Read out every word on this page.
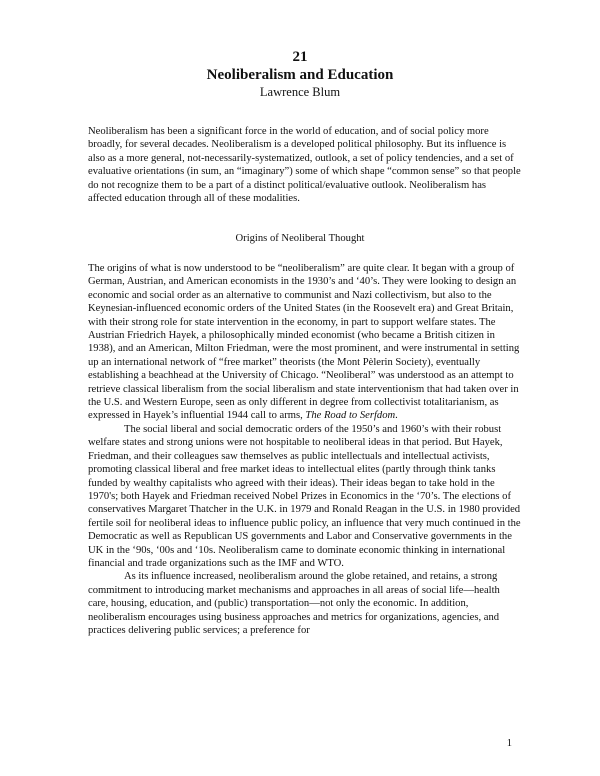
21
Neoliberalism and Education
Lawrence Blum

Neoliberalism has been a significant force in the world of education, and of social policy more broadly, for several decades. Neoliberalism is a developed political philosophy. But its influence is also as a more general, not-necessarily-systematized, outlook, a set of policy tendencies, and a set of evaluative orientations (in sum, an “imaginary”) some of which shape “common sense” so that people do not recognize them to be a part of a distinct political/evaluative outlook. Neoliberalism has affected education through all of these modalities.

Origins of Neoliberal Thought

The origins of what is now understood to be “neoliberalism” are quite clear. It began with a group of German, Austrian, and American economists in the 1930’s and ‘40’s. They were looking to design an economic and social order as an alternative to communist and Nazi collectivism, but also to the Keynesian-influenced economic orders of the United States (in the Roosevelt era) and Great Britain, with their strong role for state intervention in the economy, in part to support welfare states. The Austrian Friedrich Hayek, a philosophically minded economist (who became a British citizen in 1938), and an American, Milton Friedman, were the most prominent, and were instrumental in setting up an international network of “free market” theorists (the Mont Pèlerin Society), eventually establishing a beachhead at the University of Chicago. “Neoliberal” was understood as an attempt to retrieve classical liberalism from the social liberalism and state interventionism that had taken over in the U.S. and Western Europe, seen as only different in degree from collectivist totalitarianism, as expressed in Hayek’s influential 1944 call to arms, The Road to Serfdom.

The social liberal and social democratic orders of the 1950’s and 1960’s with their robust welfare states and strong unions were not hospitable to neoliberal ideas in that period. But Hayek, Friedman, and their colleagues saw themselves as public intellectuals and intellectual activists, promoting classical liberal and free market ideas to intellectual elites (partly through think tanks funded by wealthy capitalists who agreed with their ideas). Their ideas began to take hold in the 1970's; both Hayek and Friedman received Nobel Prizes in Economics in the ‘70’s. The elections of conservatives Margaret Thatcher in the U.K. in 1979 and Ronald Reagan in the U.S. in 1980 provided fertile soil for neoliberal ideas to influence public policy, an influence that very much continued in the Democratic as well as Republican US governments and Labor and Conservative governments in the UK in the ‘90s, ‘00s and ‘10s. Neoliberalism came to dominate economic thinking in international financial and trade organizations such as the IMF and WTO.

As its influence increased, neoliberalism around the globe retained, and retains, a strong commitment to introducing market mechanisms and approaches in all areas of social life—health care, housing, education, and (public) transportation—not only the economic. In addition, neoliberalism encourages using business approaches and metrics for organizations, agencies, and practices delivering public services; a preference for

1
